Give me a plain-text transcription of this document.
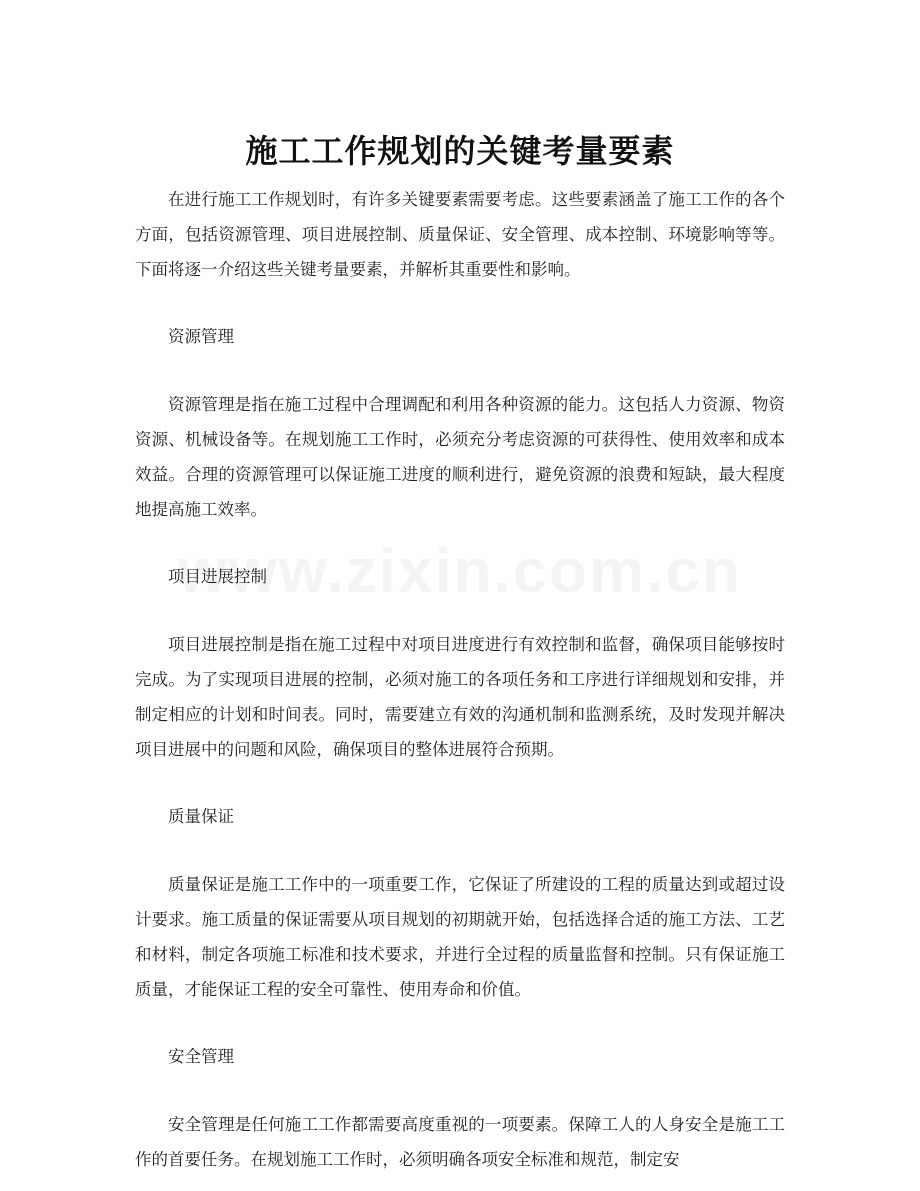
施工工作规划的关键考量要素

在进行施工工作规划时，有许多关键要素需要考虑。这些要素涵盖了施工工作的各个方面，包括资源管理、项目进展控制、质量保证、安全管理、成本控制、环境影响等等。下面将逐一介绍这些关键考量要素，并解析其重要性和影响。

资源管理

资源管理是指在施工过程中合理调配和利用各种资源的能力。这包括人力资源、物资资源、机械设备等。在规划施工工作时，必须充分考虑资源的可获得性、使用效率和成本效益。合理的资源管理可以保证施工进度的顺利进行，避免资源的浪费和短缺，最大程度地提高施工效率。

项目进展控制

项目进展控制是指在施工过程中对项目进度进行有效控制和监督，确保项目能够按时完成。为了实现项目进展的控制，必须对施工的各项任务和工序进行详细规划和安排，并制定相应的计划和时间表。同时，需要建立有效的沟通机制和监测系统，及时发现并解决项目进展中的问题和风险，确保项目的整体进展符合预期。

质量保证

质量保证是施工工作中的一项重要工作，它保证了所建设的工程的质量达到或超过设计要求。施工质量的保证需要从项目规划的初期就开始，包括选择合适的施工方法、工艺和材料，制定各项施工标准和技术要求，并进行全过程的质量监督和控制。只有保证施工质量，才能保证工程的安全可靠性、使用寿命和价值。

安全管理

安全管理是任何施工工作都需要高度重视的一项要素。保障工人的人身安全是施工工作的首要任务。在规划施工工作时，必须明确各项安全标准和规范，制定安
